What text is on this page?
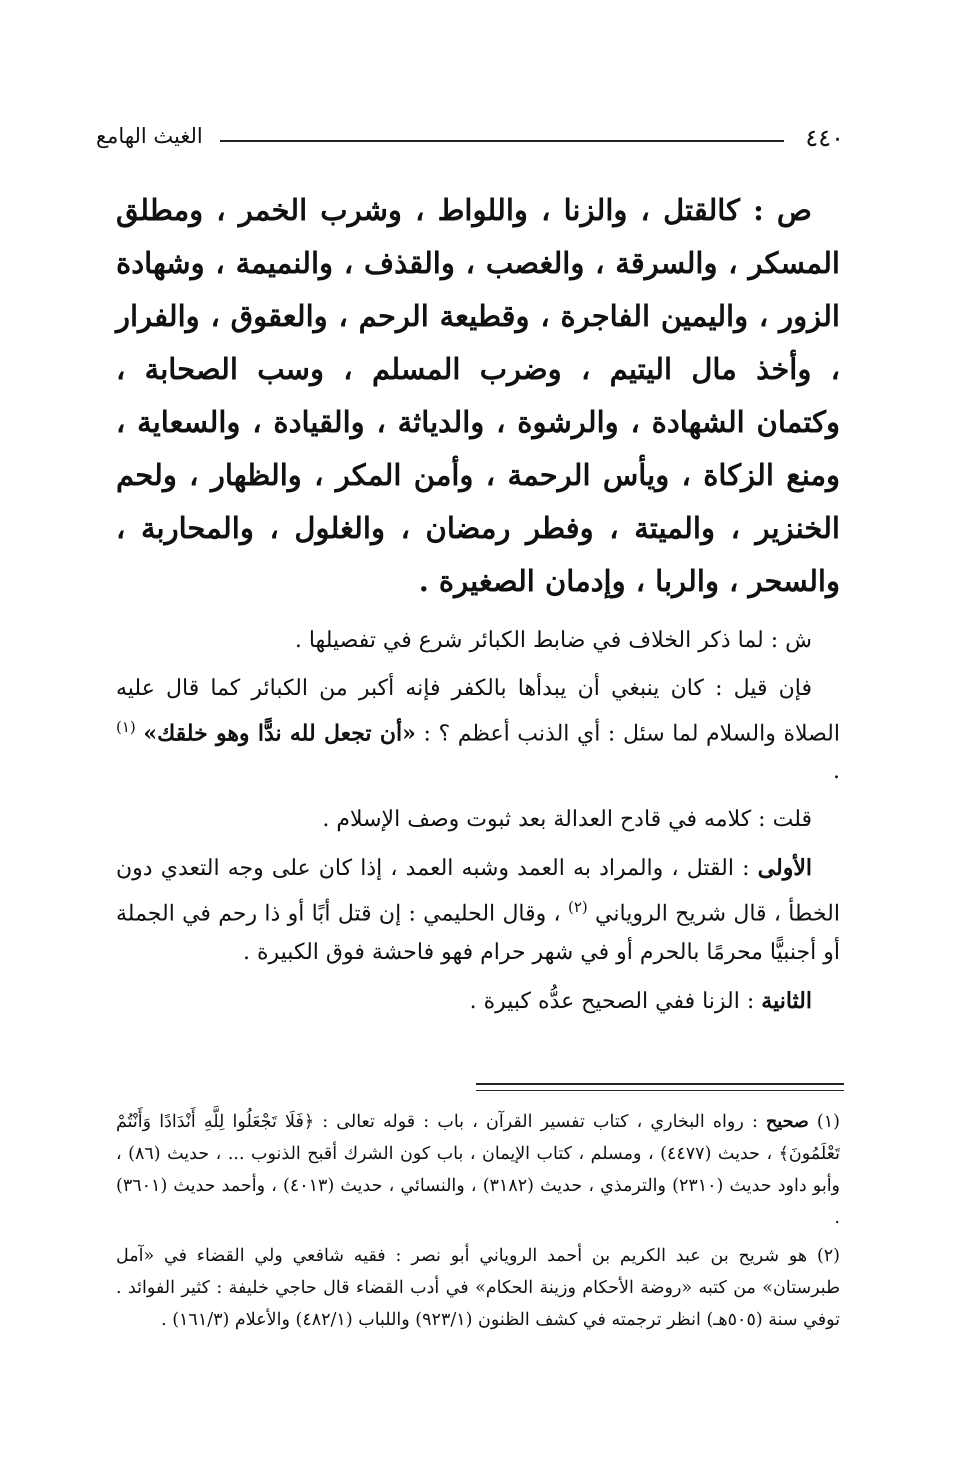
٤٤٠
الغيث الهامع

ص : كالقتل ، والزنا ، واللواط ، وشرب الخمر ، ومطلق المسكر ، والسرقة ، والغصب ، والقذف ، والنميمة ، وشهادة الزور ، واليمين الفاجرة ، وقطيعة الرحم ، والعقوق ، والفرار ، وأخذ مال اليتيم ، وضرب المسلم ، وسب الصحابة ، وكتمان الشهادة ، والرشوة ، والدياثة ، والقيادة ، والسعاية ، ومنع الزكاة ، ويأس الرحمة ، وأمن المكر ، والظهار ، ولحم الخنزير ، والميتة ، وفطر رمضان ، والغلول ، والمحاربة ، والسحر ، والربا ، وإدمان الصغيرة .

ش : لما ذكر الخلاف في ضابط الكبائر شرع في تفصيلها .

فإن قيل : كان ينبغي أن يبدأها بالكفر فإنه أكبر من الكبائر كما قال عليه الصلاة والسلام لما سئل : أي الذنب أعظم ؟ : «أن تجعل لله ندًّا وهو خلقك» $^{(١)}$ .

قلت : كلامه في قادح العدالة بعد ثبوت وصف الإسلام .

الأولى : القتل ، والمراد به العمد وشبه العمد ، إذا كان على وجه التعدي دون الخطأ ، قال شريح الروياني $^{(٢)}$ ، وقال الحليمي : إن قتل أبًا أو ذا رحم في الجملة أو أجنبيًّا محرمًا بالحرم أو في شهر حرام فهو فاحشة فوق الكبيرة .

الثانية : الزنا ففي الصحيح عدُّه كبيرة .

(١) صحيح : رواه البخاري ، كتاب تفسير القرآن ، باب : قوله تعالى : ﴿فَلَا تَجْعَلُوا لِلَّهِ أَنْدَادًا وَأَنْتُمْ تَعْلَمُونَ﴾ ، حديث (٤٤٧٧) ، ومسلم ، كتاب الإيمان ، باب كون الشرك أقبح الذنوب ... ، حديث (٨٦) ، وأبو داود حديث (٢٣١٠) والترمذي ، حديث (٣١٨٢) ، والنسائي ، حديث (٤٠١٣) ، وأحمد حديث (٣٦٠١) .

(٢) هو شريح بن عبد الكريم بن أحمد الروياني أبو نصر : فقيه شافعي ولي القضاء في «آمل طبرستان» من كتبه «روضة الأحكام وزينة الحكام» في أدب القضاء قال حاجي خليفة : كثير الفوائد . توفي سنة (٥٠٥هـ) انظر ترجمته في كشف الظنون (٩٢٣/١) واللباب (٤٨٢/١) والأعلام (١٦١/٣) .
